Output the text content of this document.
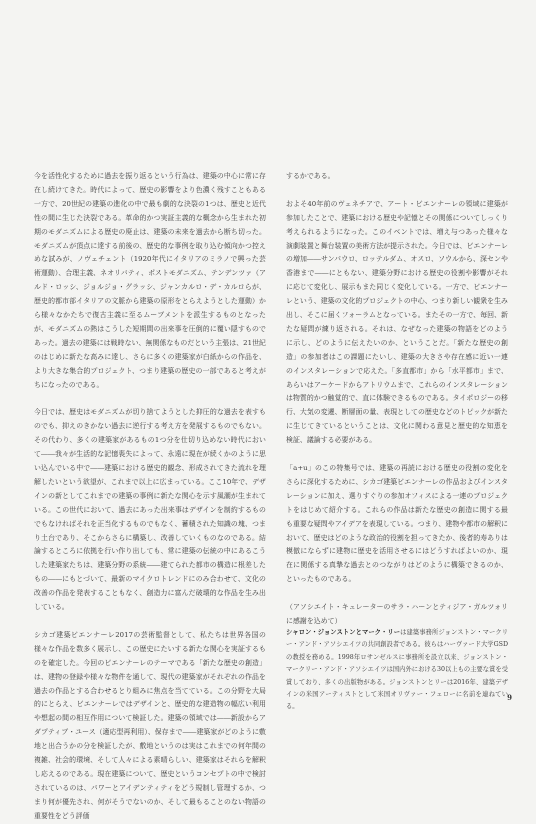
今を活性化するために過去を振り返るという行為は、建築の中心に常に存在し続けてきた。時代によって、歴史の影響をより色濃く残すこともある一方で、20世紀の建築の進化の中で最も劇的な決裂の1つは、歴史と近代性の間に生じた決裂である。革命的かつ実証主義的な概念から生まれた初期のモダニズムによる歴史の廃止は、建築の未来を過去から断ち切った。モダニズムが頂点に達する前後の、歴史的な事例を取り込む傾向かつ控えめな試みが、ノヴェチェント（1920年代にイタリアのミラノで興った芸術運動）、合理主義、ネオリバティ、ポストモダニズム、テンデンツァ（アルド・ロッシ、ジョルジョ・グラッシ、ジャンカルロ・デ・カルロらが、歴史的都市部イタリアの文脈から建築の原形をとらえようとした運動）から様々なかたちで復古主義に至るムーブメントを派生するものとなったが、モダニズムの熱はこうした短期間の出来事を圧倒的に覆い隠すものであった。過去の建築には戦時ない、無関係なものだという主張は、21世紀のはじめに新たな高みに達し、さらに多くの建築家が白紙からの作品を、より大きな集合的プロジェクト、つまり建築の歴史の一部であると考えがちになったのである。

今日では、歴史はモダニズムが切り捨てようとした抑圧的な過去を表すものでも、抑えのきかない過去に逆行する考え方を発展するものでもない。その代わり、多くの建築家があるもの1つ分を仕切り込めない時代において――我々が生活的な記憶喪失によって、永遠に現在が続くかのように思い込んでいる中で――建築における歴史的観念、形成されてきた流れを理解したいという欲望が、これまで以上に広まっている。ここ10年で、デザインの新としてこれまでの建築の事例に新たな関心を示す風潮が生まれている。この世代において、過去にあった出来事はデザインを制約するものでもなければそれを正当化するものでもなく、蓄積された知識の塊、つまり土台であり、そこからさらに構築し、改善していくものなのである。結論するところに依拠を行い作り出しても、常に建築の伝統の中にあるこうした建築家たちは、建築分野の系統――建てられた都市の構造に根差したもの――にもとづいて、最新のマイクロトレンドにのみ合わせて、文化の改善の作品を発表することもなく、創造力に富んだ破壊的な作品を生み出している。

シカゴ建築ビエンナーレ2017の芸術監督として、私たちは世界各国の様々な作品を数多く展示し、この歴史にたいする新たな関心を実証するものを確定した。今回のビエンナーレのテーマである「新たな歴史の創造」は、建物の登録や様々な物件を通して、現代の建築家がそれぞれの作品を過去の作品とする合わせるとり組みに焦点を当てている。この分野を大局的にとらえ、ビエンナーレではデザインと、歴史的な建造物の幅広い利用や想起の間の相互作用について検証した。建築の領域では――新設からアダプティブ・ユース（適応型再利用）、保存まで――建築家がどのように敷地と出合うかの分を検証したが、敷地というのは実はこれまでの何年間の複雑、社会的環境、そして人々による素晴らしい、建築家はそれらを解釈し応えるのである。現在建築について、歴史というコンセプトの中で検討されているのは、パワーとアイデンティティをどう規制し管理するか、つまり何が優先され、何がそうでないのか、そして最もることのない物語の重要性をどう評価

するかである。

およそ40年前のヴェネチアで、アート・ビエンナーレの領域に建築が参加したことで、建築における歴史や記憶とその関係についてしっくり考えられるようになった。このイベントでは、増え与つあった様々な演劇装置と舞台装置の美術方法が提示された。今日では、ビエンナーレの増加――サンパウロ、ロッテルダム、オスロ、ソウルから、深センや香港まで――にともない、建築分野における歴史の役割や影響がそれに応じて変化し、展示もまた同じく変化している。一方で、ビエンナーレという、建築の文化的プロジェクトの中心、つまり新しい観衆を生み出し、そこに届くフォーラムとなっている。またその一方で、毎回、新たな疑問が練り返される。それは、なぜなった建築の物語をどのように示し、どのように伝えたいのか、ということだ。「新たな歴史の創造」の参加者はこの課題にたいし、建築の大きさや存在感に近い一連のインスタレーションで応えた。「多直都市」から「水平都市」まで、あらいはアーケードからアトリウムまで、これらのインスタレーションは物質的かつ触覚的で、直に体験できるものである。タイポロジーの移行、大気の変遷、断層面の量、表現としての歴史などのトピックが新たに生じてきているということは、文化に関わる意見と歴史的な知恵を検証、議論する必要がある。

「a+u」のこの特集号では、建築の再読における歴史の役割の変化をさらに深化するために、シカゴ建築ビエンナーレの作品およびインスタレーションに加え、選りすぐりの参加オフィスによる一連のプロジェクトをはじめて紹介する。これらの作品は新たな歴史の創造に関する最も重要な疑問やアイデアを表現している。つまり、建物や都市の解釈において、歴史はどのような政治的役割を担ってきたか、後者的寿ありは模倣にならずに建物に歴史を活用させるにはどうすればよいのか、現在に関係する真摯な過去とのつながりはどのように構築できるのか、といったものである。

（アソシエイト・キュレーターのサラ・ハーンとティジア・ガルツォリに感謝を込めて）

シャロン・ジョンストンとマーク・リーは建築事務所ジョンストン・マークリー・アンド・アソシエイツの共同創設者である。彼らはハーヴァード大学GSDの教授を務める。1998年ロサンゼルスに事務所を設立以来、ジョンストン・マークリー・アンド・アソシエイツは国内外における30以上もの主要な賞を受賞しており、多くの出版物がある。ジョンストンとリーは2016年、建築デザインの米国アーティストとして米国オリヴァー・フェローに名前を連ねている。
9
